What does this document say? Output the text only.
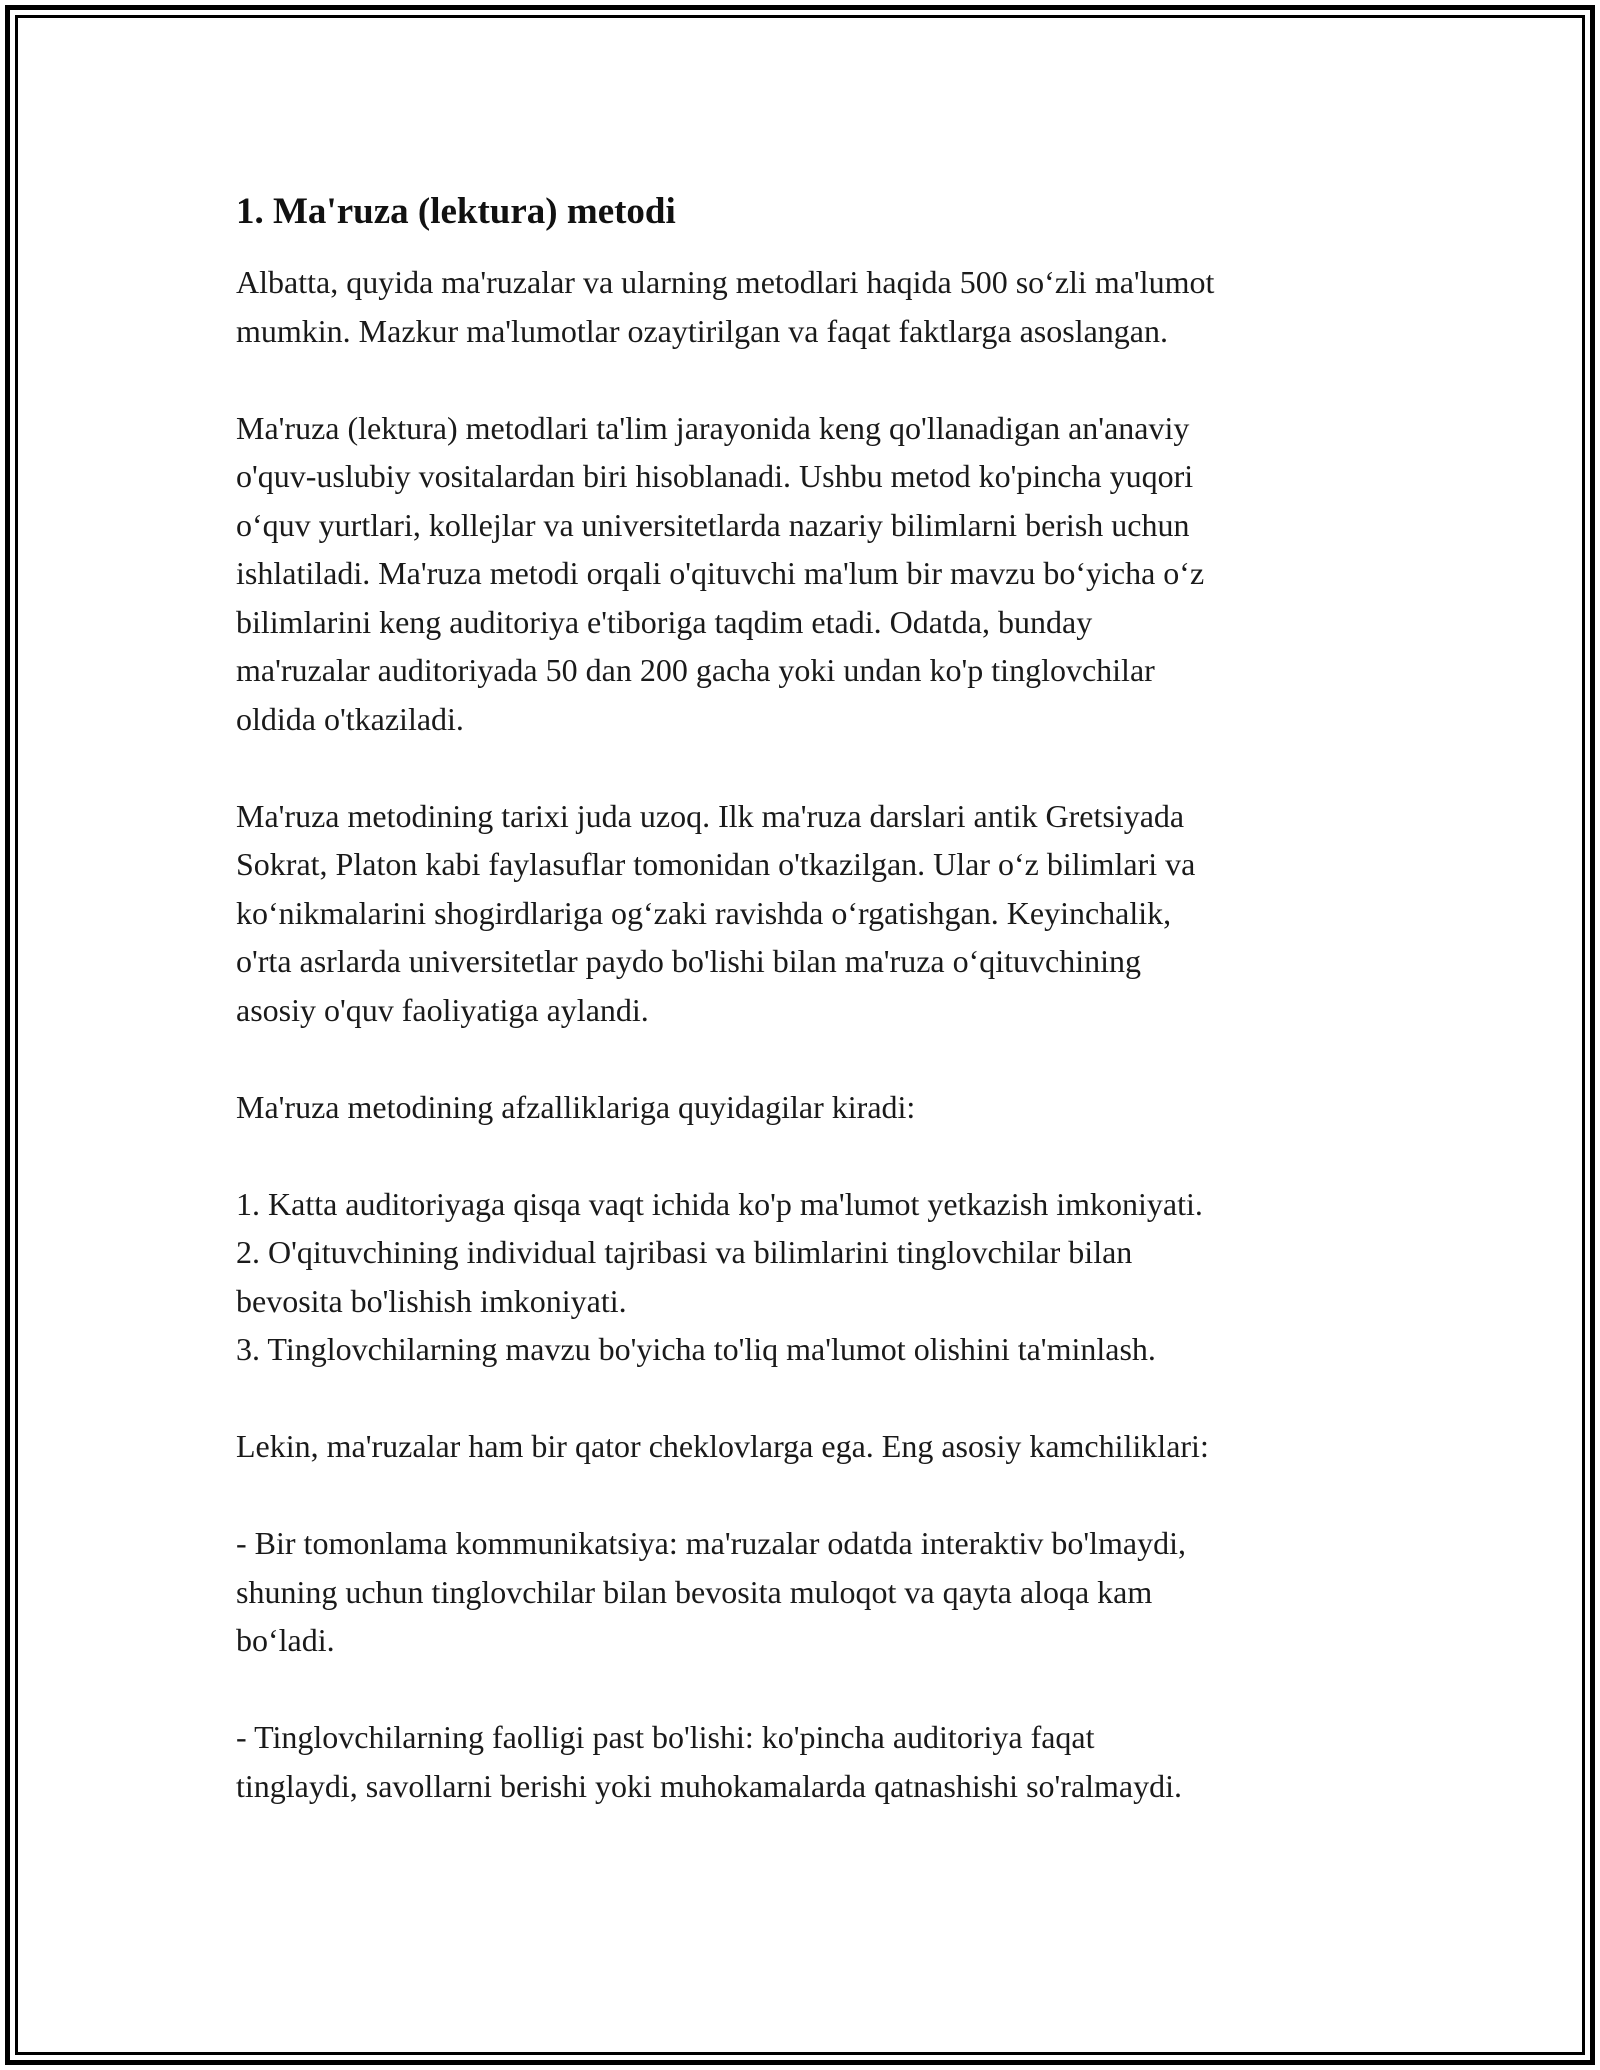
1. Ma'ruza (lektura) metodi

Albatta, quyida ma'ruzalar va ularning metodlari haqida 500 so‘zli ma'lumot
mumkin. Mazkur ma'lumotlar ozaytirilgan va faqat faktlarga asoslangan.

Ma'ruza (lektura) metodlari ta'lim jarayonida keng qo'llanadigan an'anaviy
o'quv-uslubiy vositalardan biri hisoblanadi. Ushbu metod ko'pincha yuqori
o‘quv yurtlari, kollejlar va universitetlarda nazariy bilimlarni berish uchun
ishlatiladi. Ma'ruza metodi orqali o'qituvchi ma'lum bir mavzu bo‘yicha o‘z
bilimlarini keng auditoriya e'tiboriga taqdim etadi. Odatda, bunday
ma'ruzalar auditoriyada 50 dan 200 gacha yoki undan ko'p tinglovchilar
oldida o'tkaziladi.

Ma'ruza metodining tarixi juda uzoq. Ilk ma'ruza darslari antik Gretsiyada
Sokrat, Platon kabi faylasuflar tomonidan o'tkazilgan. Ular o‘z bilimlari va
ko‘nikmalarini shogirdlariga og‘zaki ravishda o‘rgatishgan. Keyinchalik,
o'rta asrlarda universitetlar paydo bo'lishi bilan ma'ruza o‘qituvchining
asosiy o'quv faoliyatiga aylandi.

Ma'ruza metodining afzalliklariga quyidagilar kiradi:

1. Katta auditoriyaga qisqa vaqt ichida ko'p ma'lumot yetkazish imkoniyati.
2. O'qituvchining individual tajribasi va bilimlarini tinglovchilar bilan
bevosita bo'lishish imkoniyati.
3. Tinglovchilarning mavzu bo'yicha to'liq ma'lumot olishini ta'minlash.

Lekin, ma'ruzalar ham bir qator cheklovlarga ega. Eng asosiy kamchiliklari:

- Bir tomonlama kommunikatsiya: ma'ruzalar odatda interaktiv bo'lmaydi,
shuning uchun tinglovchilar bilan bevosita muloqot va qayta aloqa kam
bo‘ladi.

- Tinglovchilarning faolligi past bo'lishi: ko'pincha auditoriya faqat
tinglaydi, savollarni berishi yoki muhokamalarda qatnashishi so'ralmaydi.
